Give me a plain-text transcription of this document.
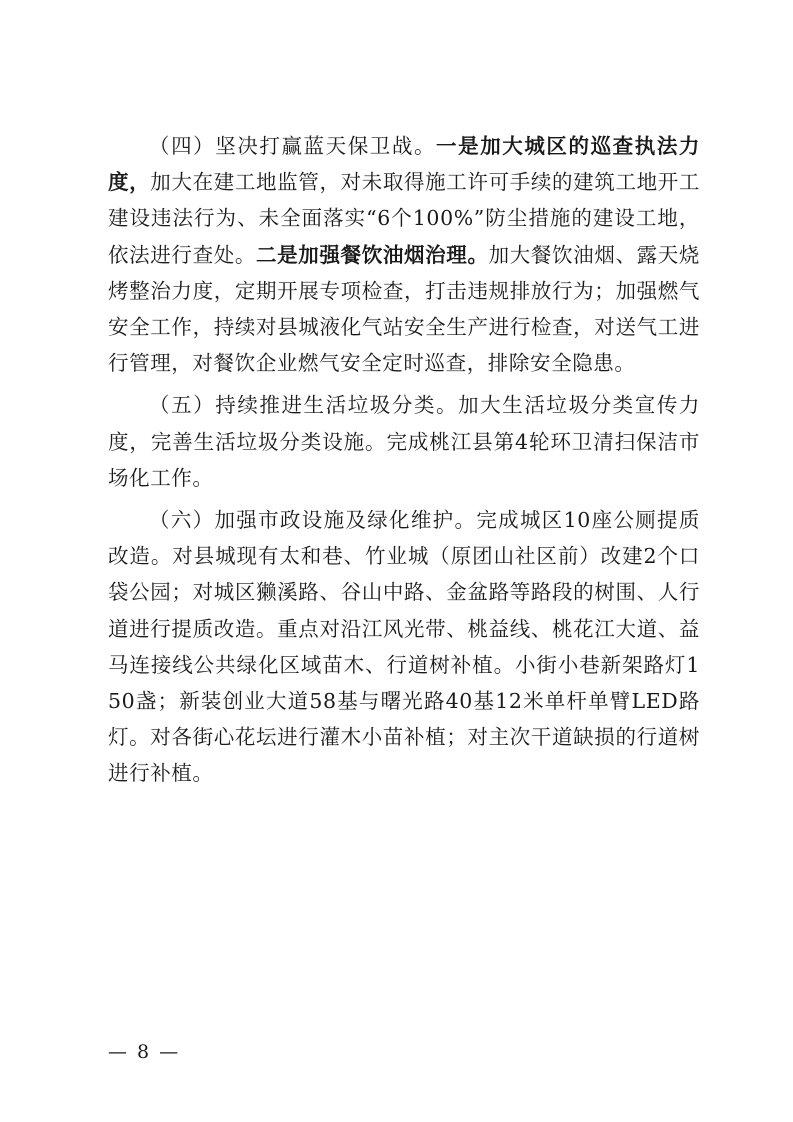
（四）坚决打赢蓝天保卫战。一是加大城区的巡查执法力度，加大在建工地监管，对未取得施工许可手续的建筑工地开工建设违法行为、未全面落实“6个100%”防尘措施的建设工地，依法进行查处。二是加强餐饮油烟治理。加大餐饮油烟、露天烧烤整治力度，定期开展专项检查，打击违规排放行为；加强燃气安全工作，持续对县城液化气站安全生产进行检查，对送气工进行管理，对餐饮企业燃气安全定时巡查，排除安全隐患。

（五）持续推进生活垃圾分类。加大生活垃圾分类宣传力度，完善生活垃圾分类设施。完成桃江县第4轮环卫清扫保洁市场化工作。

（六）加强市政设施及绿化维护。完成城区10座公厕提质改造。对县城现有太和巷、竹业城（原团山社区前）改建2个口袋公园；对城区獭溪路、谷山中路、金盆路等路段的树围、人行道进行提质改造。重点对沿江风光带、桃益线、桃花江大道、益马连接线公共绿化区域苗木、行道树补植。小街小巷新架路灯150盏；新装创业大道58基与曙光路40基12米单杆单臂LED路灯。对各街心花坛进行灌木小苗补植；对主次干道缺损的行道树进行补植。

— 8 —
